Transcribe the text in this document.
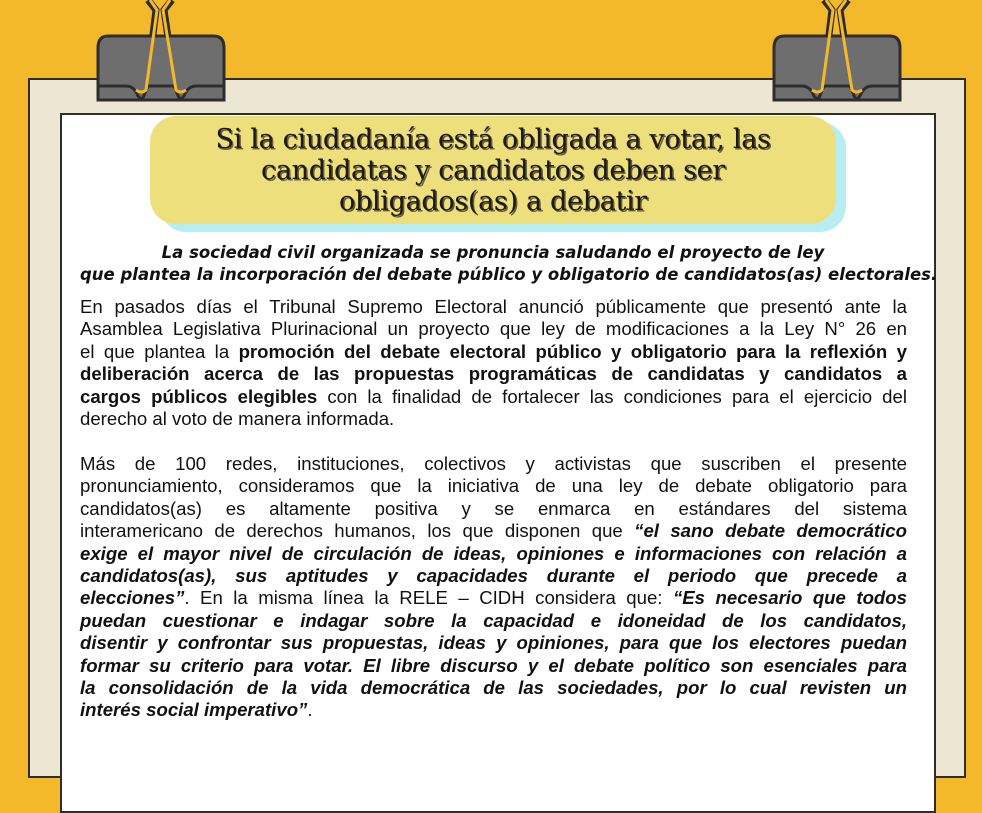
Si la ciudadanía está obligada a votar, las
candidatas y candidatos deben ser
obligados(as) a debatir
La sociedad civil organizada se pronuncia saludando el proyecto de ley
que plantea la incorporación del debate público y obligatorio de candidatos(as) electorales.
En pasados días el Tribunal Supremo Electoral anunció públicamente que presentó ante la
Asamblea Legislativa Plurinacional un proyecto que ley de modificaciones a la Ley N° 26 en
el que plantea la promoción del debate electoral público y obligatorio para la reflexión y
deliberación acerca de las propuestas programáticas de candidatas y candidatos a
cargos públicos elegibles con la finalidad de fortalecer las condiciones para el ejercicio del
derecho al voto de manera informada.
Más de 100 redes, instituciones, colectivos y activistas que suscriben el presente
pronunciamiento, consideramos que la iniciativa de una ley de debate obligatorio para
candidatos(as) es altamente positiva y se enmarca en estándares del sistema
interamericano de derechos humanos, los que disponen que “el sano debate democrático
exige el mayor nivel de circulación de ideas, opiniones e informaciones con relación a
candidatos(as), sus aptitudes y capacidades durante el periodo que precede a
elecciones”. En la misma línea la RELE – CIDH considera que: “Es necesario que todos
puedan cuestionar e indagar sobre la capacidad e idoneidad de los candidatos,
disentir y confrontar sus propuestas, ideas y opiniones, para que los electores puedan
formar su criterio para votar. El libre discurso y el debate político son esenciales para
la consolidación de la vida democrática de las sociedades, por lo cual revisten un
interés social imperativo”.
